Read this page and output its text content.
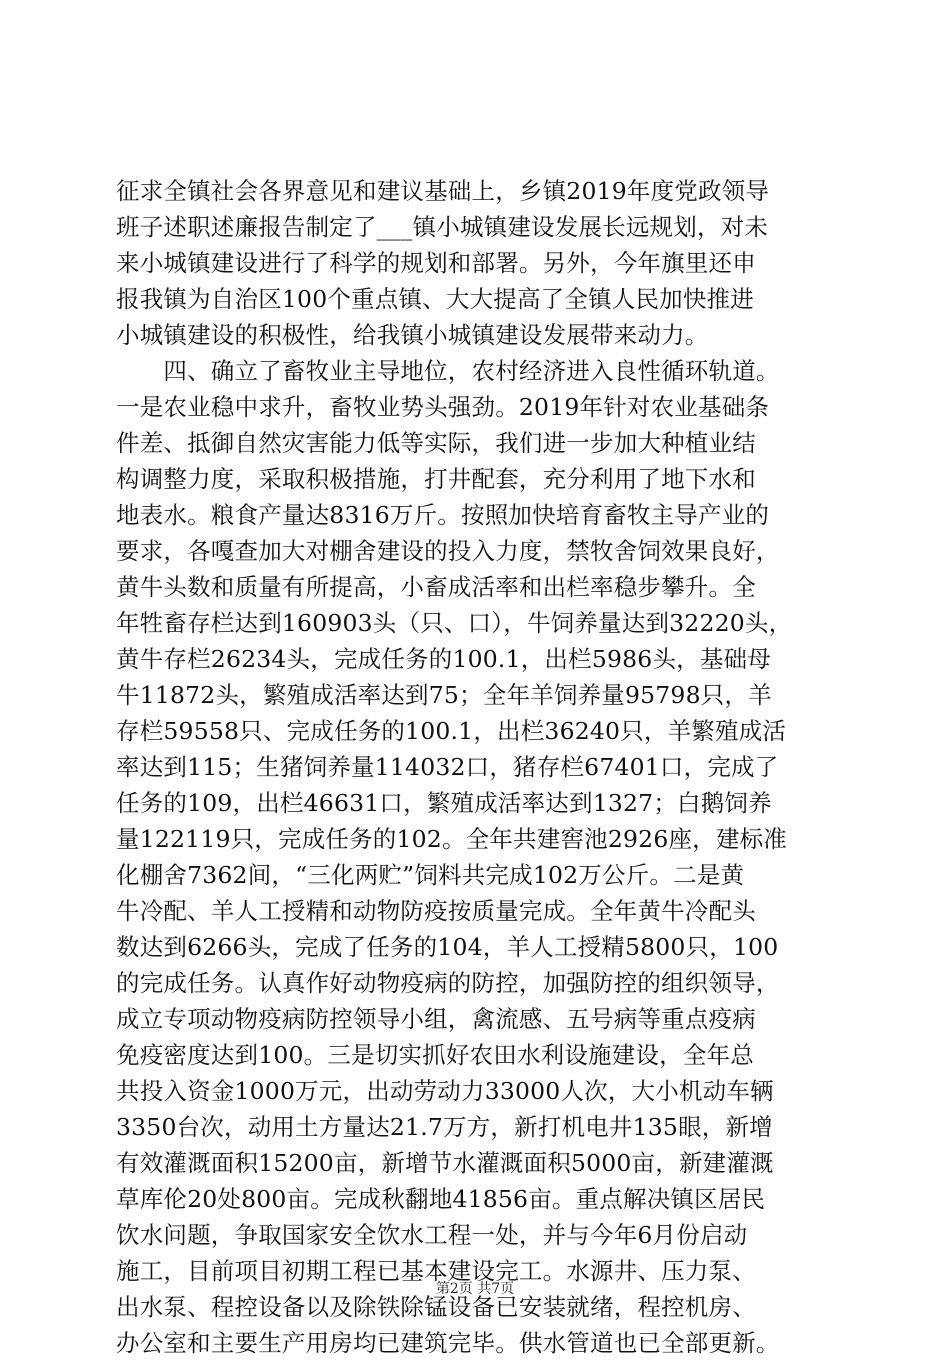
征求全镇社会各界意见和建议基础上，乡镇2019年度党政领导
班子述职述廉报告制定了___镇小城镇建设发展长远规划，对未
来小城镇建设进行了科学的规划和部署。另外，今年旗里还申
报我镇为自治区100个重点镇、大大提高了全镇人民加快推进
小城镇建设的积极性，给我镇小城镇建设发展带来动力。
　　四、确立了畜牧业主导地位，农村经济进入良性循环轨道。
一是农业稳中求升，畜牧业势头强劲。2019年针对农业基础条
件差、抵御自然灾害能力低等实际，我们进一步加大种植业结
构调整力度，采取积极措施，打井配套，充分利用了地下水和
地表水。粮食产量达8316万斤。按照加快培育畜牧主导产业的
要求，各嘎查加大对棚舍建设的投入力度，禁牧舍饲效果良好，
黄牛头数和质量有所提高，小畜成活率和出栏率稳步攀升。全
年牲畜存栏达到160903头（只、口），牛饲养量达到32220头，
黄牛存栏26234头，完成任务的100.1，出栏5986头，基础母
牛11872头，繁殖成活率达到75；全年羊饲养量95798只，羊
存栏59558只、完成任务的100.1，出栏36240只，羊繁殖成活
率达到115；生猪饲养量114032口，猪存栏67401口，完成了
任务的109，出栏46631口，繁殖成活率达到1327；白鹅饲养
量122119只，完成任务的102。全年共建窖池2926座，建标准
化棚舍7362间，“三化两贮”饲料共完成102万公斤。二是黄
牛冷配、羊人工授精和动物防疫按质量完成。全年黄牛冷配头
数达到6266头，完成了任务的104，羊人工授精5800只，100
的完成任务。认真作好动物疫病的防控，加强防控的组织领导，
成立专项动物疫病防控领导小组，禽流感、五号病等重点疫病
免疫密度达到100。三是切实抓好农田水利设施建设，全年总
共投入资金1000万元，出动劳动力33000人次，大小机动车辆
3350台次，动用土方量达21.7万方，新打机电井135眼，新增
有效灌溉面积15200亩，新增节水灌溉面积5000亩，新建灌溉
草库伦20处800亩。完成秋翻地41856亩。重点解决镇区居民
饮水问题，争取国家安全饮水工程一处，并与今年6月份启动
施工，目前项目初期工程已基本建设完工。水源井、压力泵、
出水泵、程控设备以及除铁除锰设备已安装就绪，程控机房、
办公室和主要生产用房均已建筑完毕。供水管道也已全部更新。
第2页 共7页
